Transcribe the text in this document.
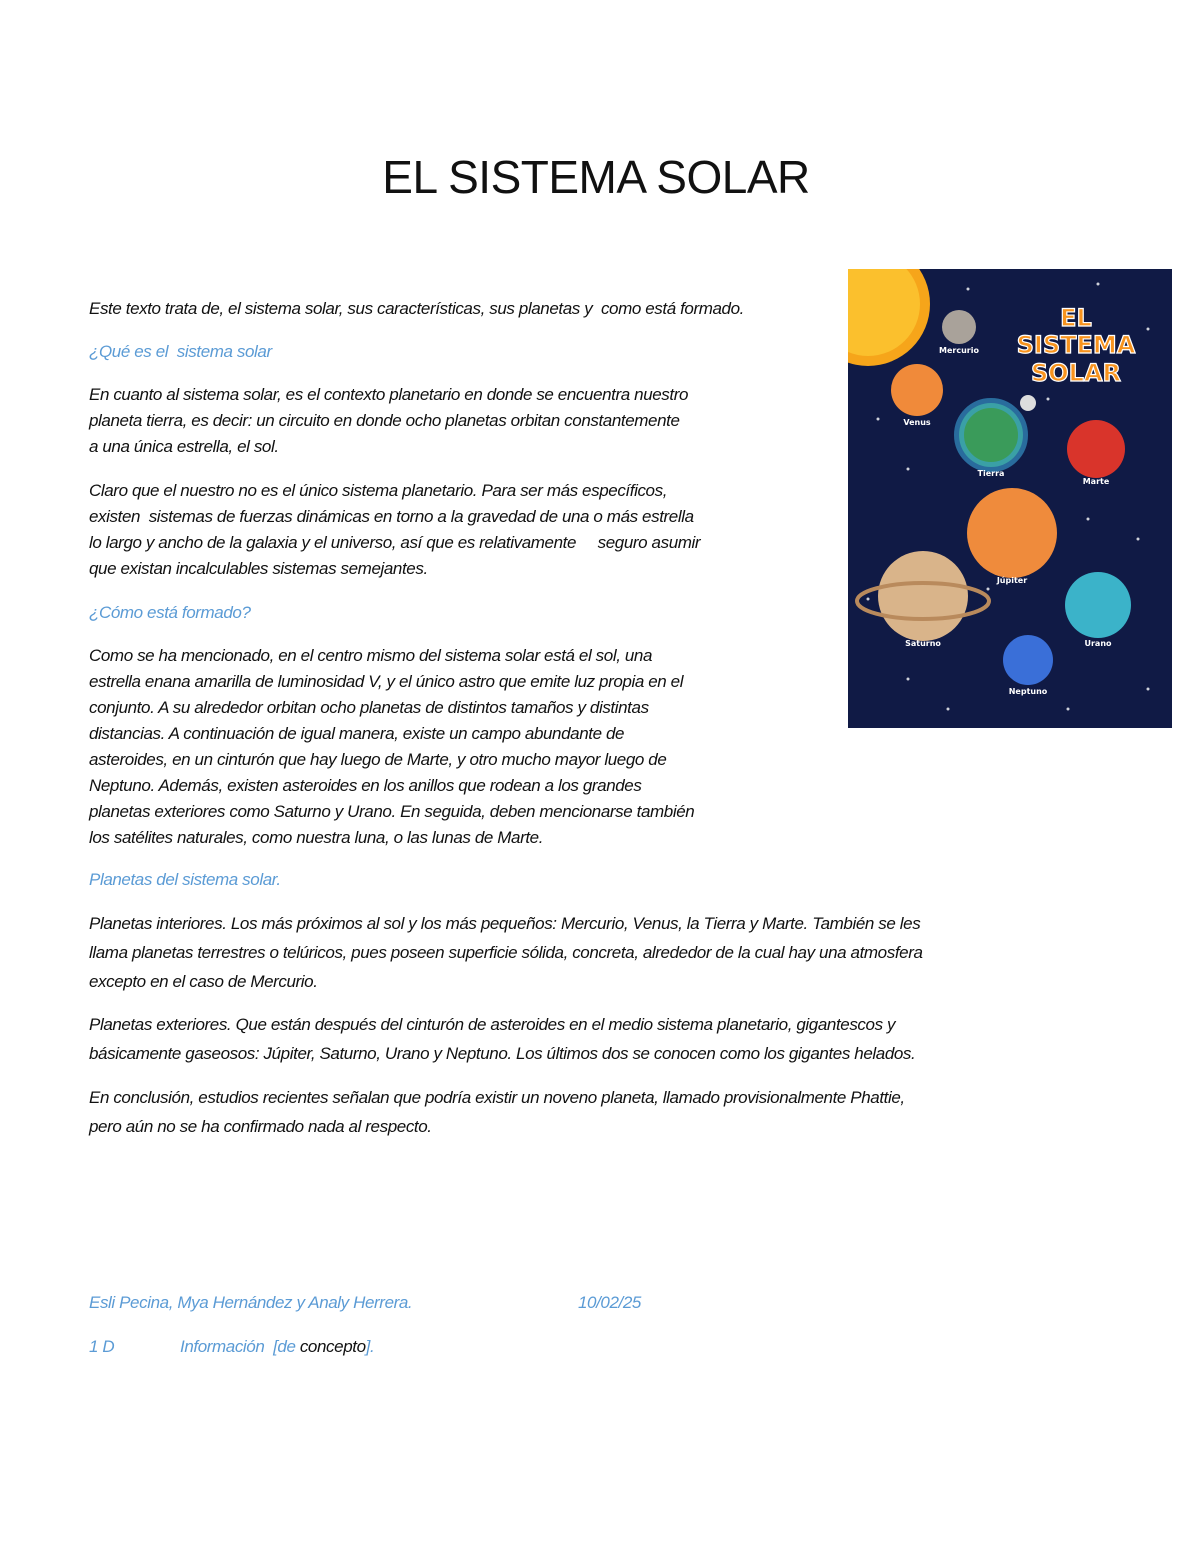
EL SISTEMA SOLAR
Este texto trata de, el sistema solar, sus características, sus planetas y  como está formado.
¿Qué es el  sistema solar
En cuanto al sistema solar, es el contexto planetario en donde se encuentra nuestro
planeta tierra, es decir: un circuito en donde ocho planetas orbitan constantemente
a una única estrella, el sol.
Claro que el nuestro no es el único sistema planetario. Para ser más específicos,
existen  sistemas de fuerzas dinámicas en torno a la gravedad de una o más estrella
lo largo y ancho de la galaxia y el universo, así que es relativamente     seguro asumir
que existan incalculables sistemas semejantes.
¿Cómo está formado?
Como se ha mencionado, en el centro mismo del sistema solar está el sol, una
estrella enana amarilla de luminosidad V, y el único astro que emite luz propia en el
conjunto. A su alrededor orbitan ocho planetas de distintos tamaños y distintas
distancias. A continuación de igual manera, existe un campo abundante de
asteroides, en un cinturón que hay luego de Marte, y otro mucho mayor luego de
Neptuno. Además, existen asteroides en los anillos que rodean a los grandes
planetas exteriores como Saturno y Urano. En seguida, deben mencionarse también
los satélites naturales, como nuestra luna, o las lunas de Marte.
Planetas del sistema solar.
Planetas interiores. Los más próximos al sol y los más pequeños: Mercurio, Venus, la Tierra y Marte. También se les
llama planetas terrestres o telúricos, pues poseen superficie sólida, concreta, alrededor de la cual hay una atmosfera
excepto en el caso de Mercurio.
Planetas exteriores. Que están después del cinturón de asteroides en el medio sistema planetario, gigantescos y
básicamente gaseosos: Júpiter, Saturno, Urano y Neptuno. Los últimos dos se conocen como los gigantes helados.
En conclusión, estudios recientes señalan que podría existir un noveno planeta, llamado provisionalmente Phattie,
pero aún no se ha confirmado nada al respecto.
Esli Pecina, Mya Hernández y Analy Herrera.	10/02/25
1 D	Información  [de concepto ].
EL
SISTEMA
SOLAR
Mercurio
Venus
Tierra
Marte
Júpiter
Saturno	Urano
Neptuno
